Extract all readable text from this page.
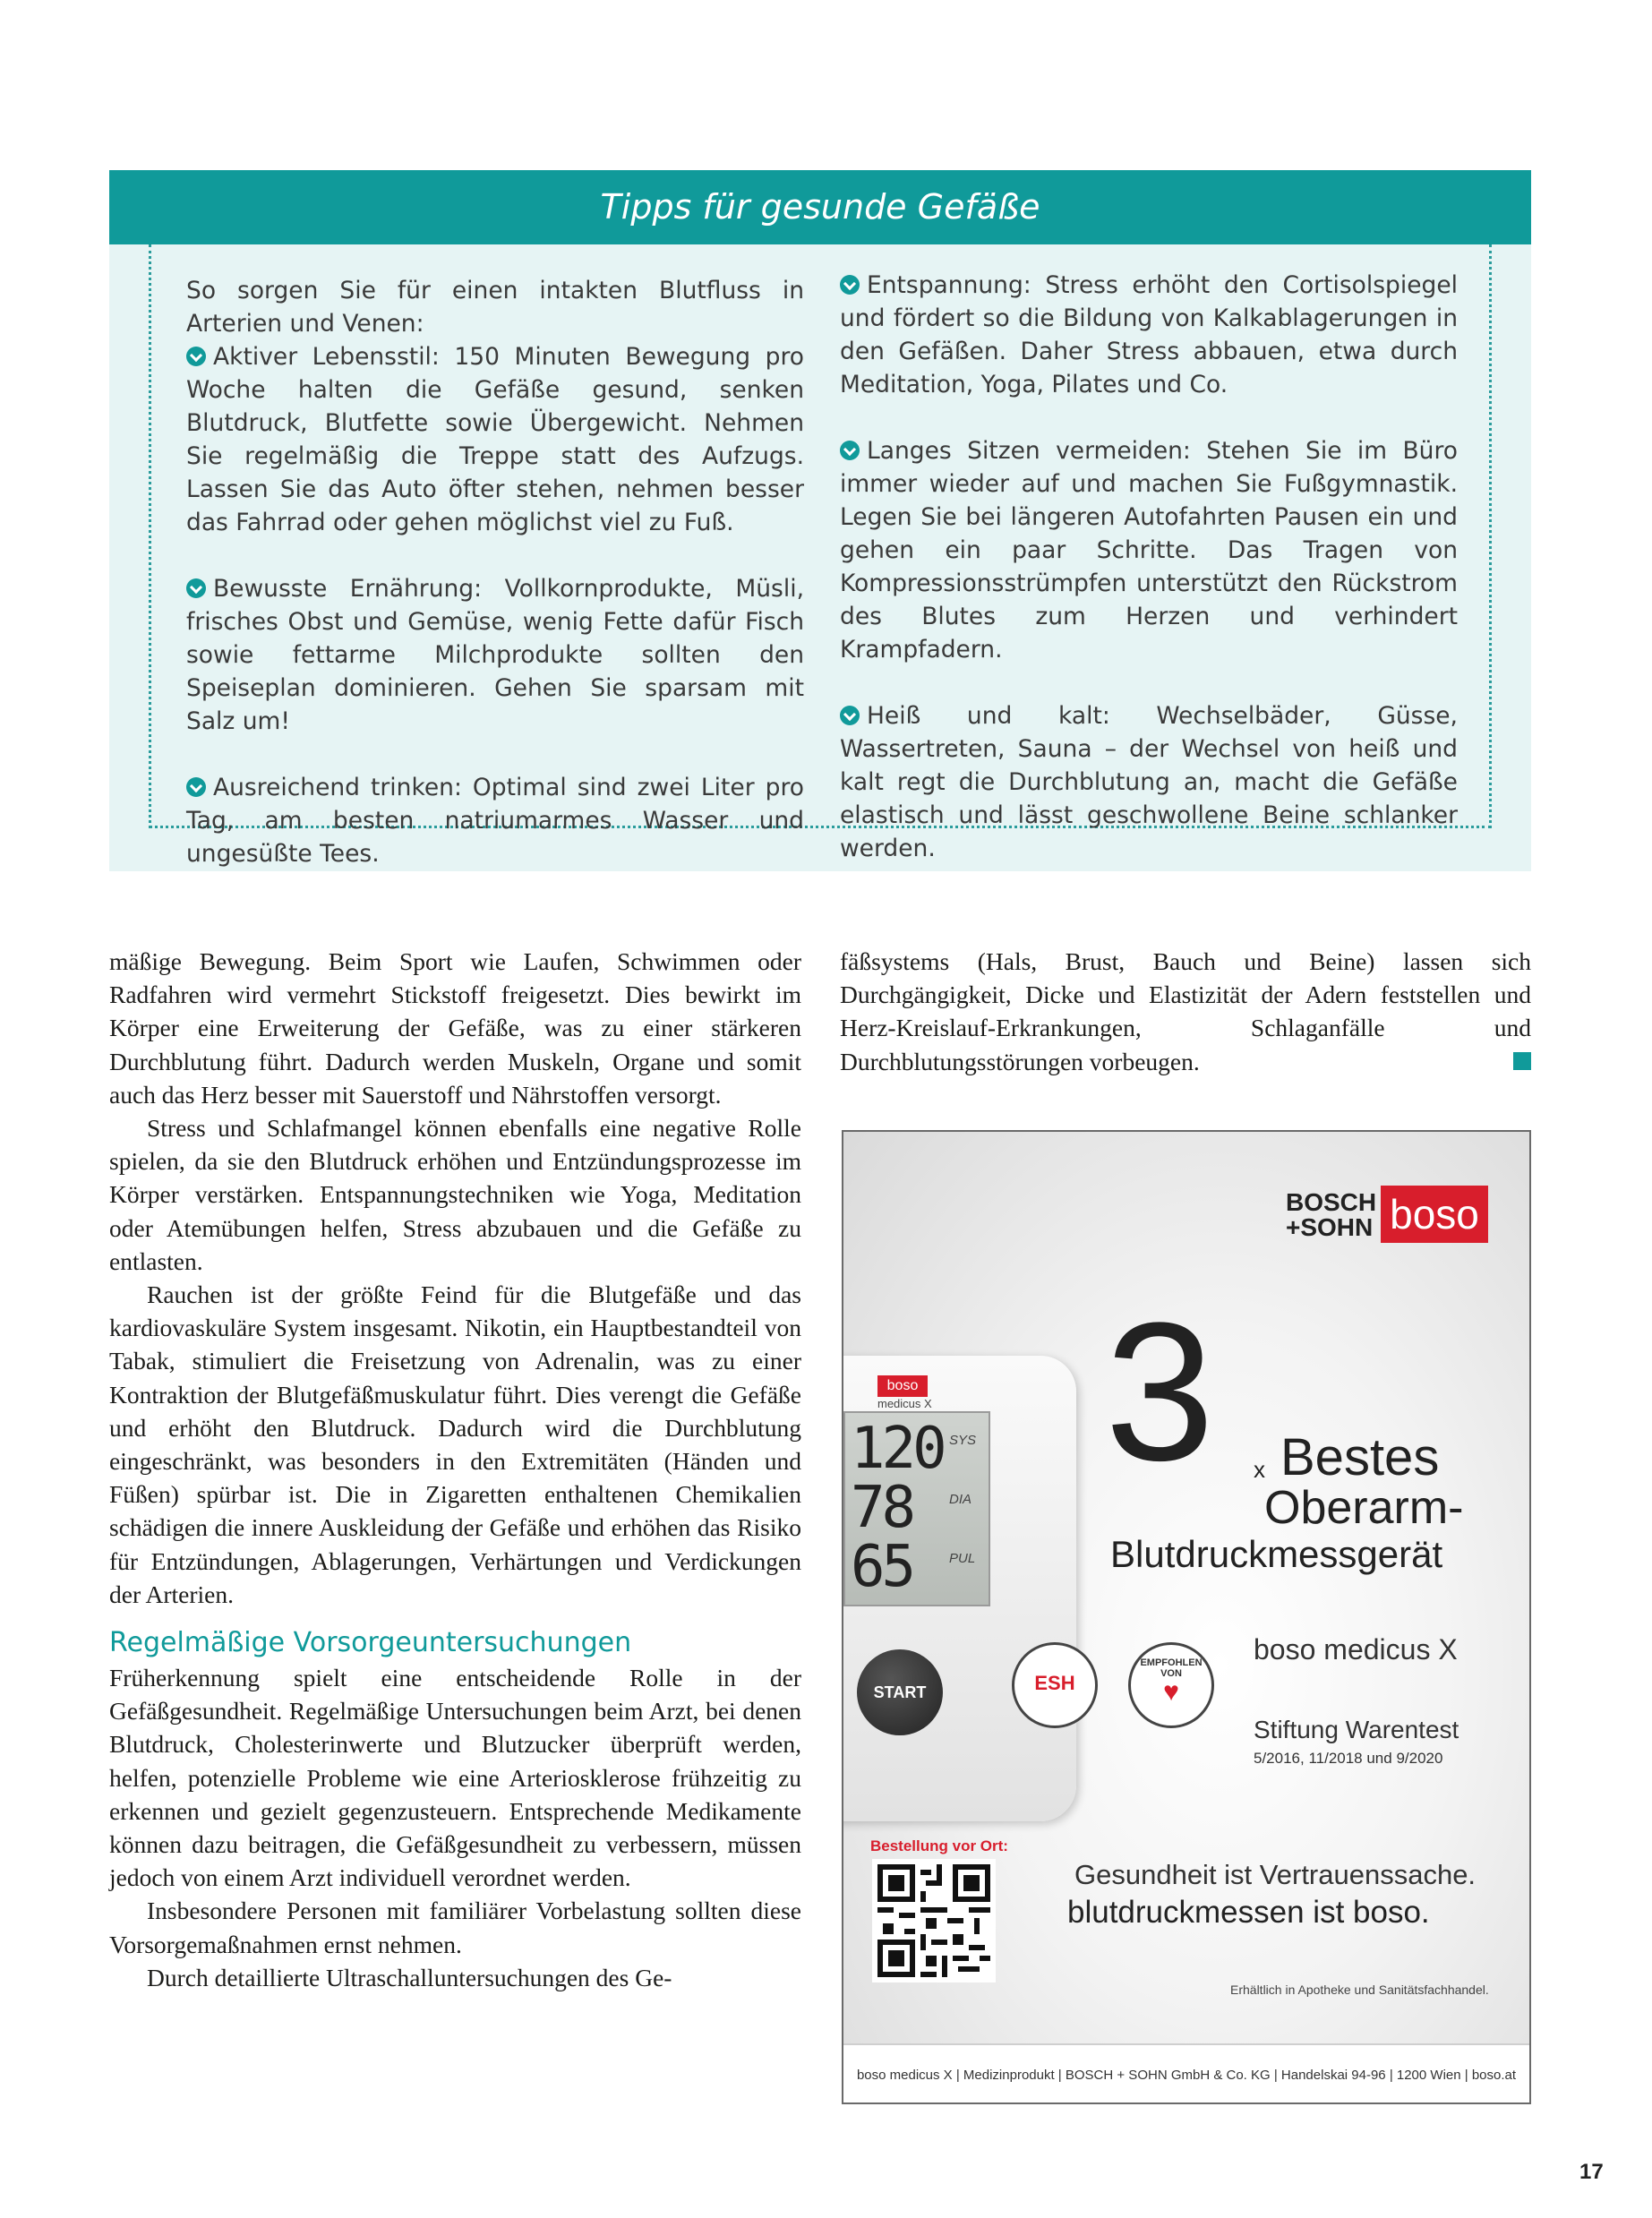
Tipps für gesunde Gefäße

So sorgen Sie für einen intakten Blutfluss in Arterien und Venen:

Aktiver Lebensstil: 150 Minuten Bewegung pro Woche halten die Gefäße gesund, senken Blutdruck, Blutfette sowie Übergewicht. Nehmen Sie regelmäßig die Treppe statt des Aufzugs. Lassen Sie das Auto öfter stehen, nehmen besser das Fahrrad oder gehen möglichst viel zu Fuß.

Bewusste Ernährung: Vollkornprodukte, Müsli, frisches Obst und Gemüse, wenig Fette dafür Fisch sowie fettarme Milchprodukte sollten den Speiseplan dominieren. Gehen Sie sparsam mit Salz um!

Ausreichend trinken: Optimal sind zwei Liter pro Tag, am besten natriumarmes Wasser und ungesüßte Tees.

Entspannung: Stress erhöht den Cortisolspiegel und fördert so die Bildung von Kalkablagerungen in den Gefäßen. Daher Stress abbauen, etwa durch Meditation, Yoga, Pilates und Co.

Langes Sitzen vermeiden: Stehen Sie im Büro immer wieder auf und machen Sie Fußgymnastik. Legen Sie bei längeren Autofahrten Pausen ein und gehen ein paar Schritte. Das Tragen von Kompressionsstrümpfen unterstützt den Rückstrom des Blutes zum Herzen und verhindert Krampfadern.

Heiß und kalt: Wechselbäder, Güsse, Wassertreten, Sauna – der Wechsel von heiß und kalt regt die Durchblutung an, macht die Gefäße elastisch und lässt geschwollene Beine schlanker werden.

mäßige Bewegung. Beim Sport wie Laufen, Schwimmen oder Radfahren wird vermehrt Stickstoff freigesetzt. Dies bewirkt im Körper eine Erweiterung der Gefäße, was zu einer stärkeren Durchblutung führt. Dadurch werden Muskeln, Organe und somit auch das Herz besser mit Sauerstoff und Nährstoffen versorgt.

Stress und Schlafmangel können ebenfalls eine negative Rolle spielen, da sie den Blutdruck erhöhen und Entzündungsprozesse im Körper verstärken. Entspannungstechniken wie Yoga, Meditation oder Atemübungen helfen, Stress abzubauen und die Gefäße zu entlasten.

Rauchen ist der größte Feind für die Blutgefäße und das kardiovaskuläre System insgesamt. Nikotin, ein Hauptbestandteil von Tabak, stimuliert die Freisetzung von Adrenalin, was zu einer Kontraktion der Blutgefäßmuskulatur führt. Dies verengt die Gefäße und erhöht den Blutdruck. Dadurch wird die Durchblutung eingeschränkt, was besonders in den Extremitäten (Händen und Füßen) spürbar ist. Die in Zigaretten enthaltenen Chemikalien schädigen die innere Auskleidung der Gefäße und erhöhen das Risiko für Entzündungen, Ablagerungen, Verhärtungen und Verdickungen der Arterien.

Regelmäßige Vorsorgeuntersuchungen

Früherkennung spielt eine entscheidende Rolle in der Gefäßgesundheit. Regelmäßige Untersuchungen beim Arzt, bei denen Blutdruck, Cholesterinwerte und Blutzucker überprüft werden, helfen, potenzielle Probleme wie eine Arteriosklerose frühzeitig zu erkennen und gezielt gegenzusteuern. Entsprechende Medikamente können dazu beitragen, die Gefäßgesundheit zu verbessern, müssen jedoch von einem Arzt individuell verordnet werden.

Insbesondere Personen mit familiärer Vorbelastung sollten diese Vorsorgemaßnahmen ernst nehmen.

Durch detaillierte Ultraschalluntersuchungen des Ge-

fäßsystems (Hals, Brust, Bauch und Beine) lassen sich Durchgängigkeit, Dicke und Elastizität der Adern feststellen und Herz-Kreislauf-Erkrankungen, Schlaganfälle und Durchblutungsstörungen vorbeugen.

BOSCH +SOHN boso
boso
medicus X
120 SYS
78	DIA
65	PUL
START	ESH
EMPFOHLEN VON
♥
3 x Bestes
Oberarm-
Blutdruckmessgerät
boso medicus X
Stiftung Warentest
5/2016, 11/2018 und 9/2020
Bestellung vor Ort:
Gesundheit ist Vertrauenssache.
blutdruckmessen ist boso.
Erhältlich in Apotheke und Sanitätsfachhandel.
boso medicus X | Medizinprodukt | BOSCH + SOHN GmbH & Co. KG | Handelskai 94-96 | 1200 Wien | boso.at
17
